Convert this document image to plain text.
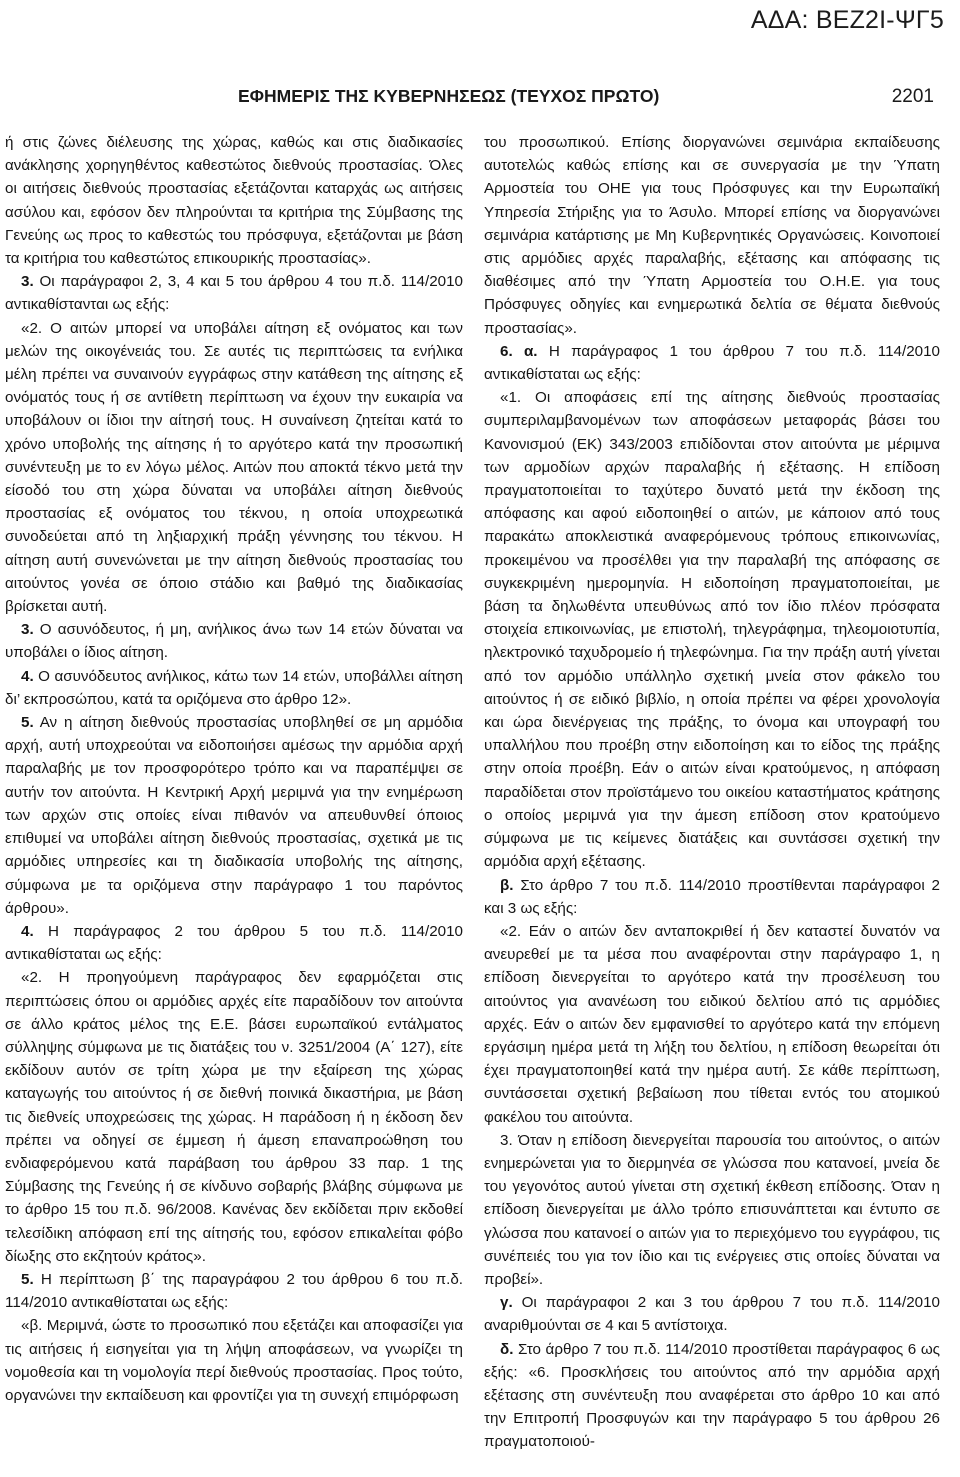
ΑΔΑ: ΒΕΖ2Ι-ΨΓ5
ΕΦΗΜΕΡΙΣ ΤΗΣ ΚΥΒΕΡΝΗΣΕΩΣ (ΤΕΥΧΟΣ ΠΡΩΤΟ)	2201

ή στις ζώνες διέλευσης της χώρας, καθώς και στις διαδικασίες ανάκλησης χορηγηθέντος καθεστώτος διεθνούς προστασίας. Όλες οι αιτήσεις διεθνούς προστασίας εξετάζονται καταρχάς ως αιτήσεις ασύλου και, εφόσον δεν πληρούνται τα κριτήρια της Σύμβασης της Γενεύης ως προς το καθεστώς του πρόσφυγα, εξετάζονται με βάση τα κριτήρια του καθεστώτος επικουρικής προστασίας».

3. Οι παράγραφοι 2, 3, 4 και 5 του άρθρου 4 του π.δ. 114/2010 αντικαθίστανται ως εξής:

«2. Ο αιτών μπορεί να υποβάλει αίτηση εξ ονόματος και των μελών της οικογένειάς του. Σε αυτές τις περιπτώσεις τα ενήλικα μέλη πρέπει να συναινούν εγγράφως στην κατάθεση της αίτησης εξ ονόματός τους ή σε αντίθετη περίπτωση να έχουν την ευκαιρία να υποβάλουν οι ίδιοι την αίτησή τους. Η συναίνεση ζητείται κατά το χρόνο υποβολής της αίτησης ή το αργότερο κατά την προσωπική συνέντευξη με το εν λόγω μέλος. Αιτών που αποκτά τέκνο μετά την είσοδό του στη χώρα δύναται να υποβάλει αίτηση διεθνούς προστασίας εξ ονόματος του τέκνου, η οποία υποχρεωτικά συνοδεύεται από τη ληξιαρχική πράξη γέννησης του τέκνου. Η αίτηση αυτή συνενώνεται με την αίτηση διεθνούς προστασίας του αιτούντος γονέα σε όποιο στάδιο και βαθμό της διαδικασίας βρίσκεται αυτή.

3. Ο ασυνόδευτος, ή μη, ανήλικος άνω των 14 ετών δύναται να υποβάλει ο ίδιος αίτηση.

4. Ο ασυνόδευτος ανήλικος, κάτω των 14 ετών, υποβάλλει αίτηση δι’ εκπροσώπου, κατά τα οριζόμενα στο άρθρο 12».

5. Αν η αίτηση διεθνούς προστασίας υποβληθεί σε μη αρμόδια αρχή, αυτή υποχρεούται να ειδοποιήσει αμέσως την αρμόδια αρχή παραλαβής με τον προσφορότερο τρόπο και να παραπέμψει σε αυτήν τον αιτούντα. Η Κεντρική Αρχή μεριμνά για την ενημέρωση των αρχών στις οποίες είναι πιθανόν να απευθυνθεί όποιος επιθυμεί να υποβάλει αίτηση διεθνούς προστασίας, σχετικά με τις αρμόδιες υπηρεσίες και τη διαδικασία υποβολής της αίτησης, σύμφωνα με τα οριζόμενα στην παράγραφο 1 του παρόντος άρθρου».

4. Η παράγραφος 2 του άρθρου 5 του π.δ. 114/2010 αντικαθίσταται ως εξής:

«2. Η προηγούμενη παράγραφος δεν εφαρμόζεται στις περιπτώσεις όπου οι αρμόδιες αρχές είτε παραδίδουν τον αιτούντα σε άλλο κράτος μέλος της Ε.Ε. βάσει ευρωπαϊκού εντάλματος σύλληψης σύμφωνα με τις διατάξεις του ν. 3251/2004 (Α΄ 127), είτε εκδίδουν αυτόν σε τρίτη χώρα με την εξαίρεση της χώρας καταγωγής του αιτούντος ή σε διεθνή ποινικά δικαστήρια, με βάση τις διεθνείς υποχρεώσεις της χώρας. Η παράδοση ή η έκδοση δεν πρέπει να οδηγεί σε έμμεση ή άμεση επαναπροώθηση του ενδιαφερόμενου κατά παράβαση του άρθρου 33 παρ. 1 της Σύμβασης της Γενεύης ή σε κίνδυνο σοβαρής βλάβης σύμφωνα με το άρθρο 15 του π.δ. 96/2008. Κανένας δεν εκδίδεται πριν εκδοθεί τελεσίδικη απόφαση επί της αίτησής του, εφόσον επικαλείται φόβο δίωξης στο εκζητούν κράτος».

5. Η περίπτωση β΄ της παραγράφου 2 του άρθρου 6 του π.δ. 114/2010 αντικαθίσταται ως εξής:

«β. Μεριμνά, ώστε το προσωπικό που εξετάζει και αποφασίζει για τις αιτήσεις ή εισηγείται για τη λήψη αποφάσεων, να γνωρίζει τη νομοθεσία και τη νομολογία περί διεθνούς προστασίας. Προς τούτο, οργανώνει την εκπαίδευση και φροντίζει για τη συνεχή επιμόρφωση

του προσωπικού. Επίσης διοργανώνει σεμινάρια εκπαίδευσης αυτοτελώς καθώς επίσης και σε συνεργασία με την Ύπατη Αρμοστεία του ΟΗΕ για τους Πρόσφυγες και την Ευρωπαϊκή Υπηρεσία Στήριξης για το Άσυλο. Μπορεί επίσης να διοργανώνει σεμινάρια κατάρτισης με Μη Κυβερνητικές Οργανώσεις. Κοινοποιεί στις αρμόδιες αρχές παραλαβής, εξέτασης και απόφασης τις διαθέσιμες από την Ύπατη Αρμοστεία του Ο.Η.Ε. για τους Πρόσφυγες οδηγίες και ενημερωτικά δελτία σε θέματα διεθνούς προστασίας».

6. α. Η παράγραφος 1 του άρθρου 7 του π.δ. 114/2010 αντικαθίσταται ως εξής:

«1. Οι αποφάσεις επί της αίτησης διεθνούς προστασίας συμπεριλαμβανομένων των αποφάσεων μεταφοράς βάσει του Κανονισμού (ΕΚ) 343/2003 επιδίδονται στον αιτούντα με μέριμνα των αρμοδίων αρχών παραλαβής ή εξέτασης. Η επίδοση πραγματοποιείται το ταχύτερο δυνατό μετά την έκδοση της απόφασης και αφού ειδοποιηθεί ο αιτών, με κάποιον από τους παρακάτω αποκλειστικά αναφερόμενους τρόπους επικοινωνίας, προκειμένου να προσέλθει για την παραλαβή της απόφασης σε συγκεκριμένη ημερομηνία. Η ειδοποίηση πραγματοποιείται, με βάση τα δηλωθέντα υπευθύνως από τον ίδιο πλέον πρόσφατα στοιχεία επικοινωνίας, με επιστολή, τηλεγράφημα, τηλεομοιοτυπία, ηλεκτρονικό ταχυδρομείο ή τηλεφώνημα. Για την πράξη αυτή γίνεται από τον αρμόδιο υπάλληλο σχετική μνεία στον φάκελο του αιτούντος ή σε ειδικό βιβλίο, η οποία πρέπει να φέρει χρονολογία και ώρα διενέργειας της πράξης, το όνομα και υπογραφή του υπαλλήλου που προέβη στην ειδοποίηση και το είδος της πράξης στην οποία προέβη. Εάν ο αιτών είναι κρατούμενος, η απόφαση παραδίδεται στον προϊστάμενο του οικείου καταστήματος κράτησης ο οποίος μεριμνά για την άμεση επίδοση στον κρατούμενο σύμφωνα με τις κείμενες διατάξεις και συντάσσει σχετική την αρμόδια αρχή εξέτασης.

β. Στο άρθρο 7 του π.δ. 114/2010 προστίθενται παράγραφοι 2 και 3 ως εξής:

«2. Εάν ο αιτών δεν ανταποκριθεί ή δεν καταστεί δυνατόν να ανευρεθεί με τα μέσα που αναφέρονται στην παράγραφο 1, η επίδοση διενεργείται το αργότερο κατά την προσέλευση του αιτούντος για ανανέωση του ειδικού δελτίου από τις αρμόδιες αρχές. Εάν ο αιτών δεν εμφανισθεί το αργότερο κατά την επόμενη εργάσιμη ημέρα μετά τη λήξη του δελτίου, η επίδοση θεωρείται ότι έχει πραγματοποιηθεί κατά την ημέρα αυτή. Σε κάθε περίπτωση, συντάσσεται σχετική βεβαίωση που τίθεται εντός του ατομικού φακέλου του αιτούντα.

3. Όταν η επίδοση διενεργείται παρουσία του αιτούντος, ο αιτών ενημερώνεται για το διερμηνέα σε γλώσσα που κατανοεί, μνεία δε του γεγονότος αυτού γίνεται στη σχετική έκθεση επίδοσης. Όταν η επίδοση διενεργείται με άλλο τρόπο επισυνάπτεται και έντυπο σε γλώσσα που κατανοεί ο αιτών για το περιεχόμενο του εγγράφου, τις συνέπειές του για τον ίδιο και τις ενέργειες στις οποίες δύναται να προβεί».

γ. Οι παράγραφοι 2 και 3 του άρθρου 7 του π.δ. 114/2010 αναριθμούνται σε 4 και 5 αντίστοιχα.

δ. Στο άρθρο 7 του π.δ. 114/2010 προστίθεται παράγραφος 6 ως εξής: «6. Προσκλήσεις του αιτούντος από την αρμόδια αρχή εξέτασης στη συνέντευξη που αναφέρεται στο άρθρο 10 και από την Επιτροπή Προσφυγών και την παράγραφο 5 του άρθρου 26 πραγματοποιού-
